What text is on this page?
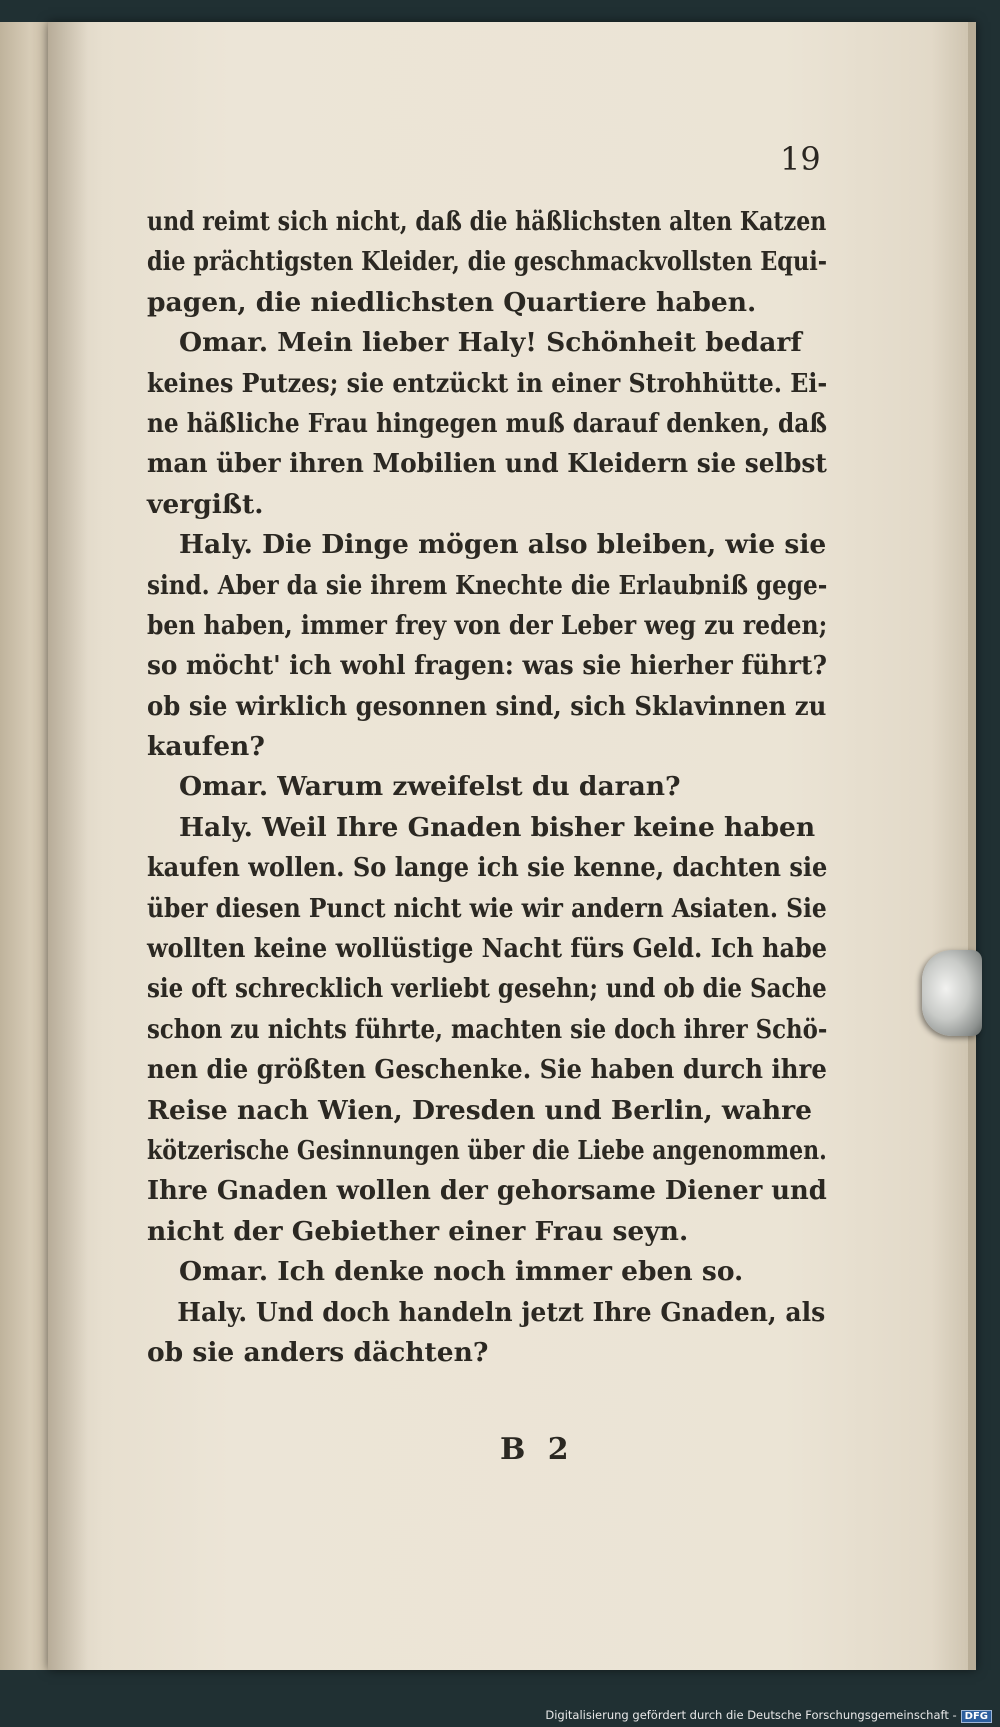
19
und reimt sich nicht, daß die häßlichsten alten Katzen
die prächtigsten Kleider, die geschmackvollsten Equi-
pagen, die niedlichsten Quartiere haben.
Omar. Mein lieber Haly! Schönheit bedarf
keines Putzes; sie entzückt in einer Strohhütte. Ei-
ne häßliche Frau hingegen muß darauf denken, daß
man über ihren Mobilien und Kleidern sie selbst
vergißt.
Haly. Die Dinge mögen also bleiben, wie sie
sind. Aber da sie ihrem Knechte die Erlaubniß gege-
ben haben, immer frey von der Leber weg zu reden;
so möcht' ich wohl fragen: was sie hierher führt?
ob sie wirklich gesonnen sind, sich Sklavinnen zu
kaufen?
Omar. Warum zweifelst du daran?
Haly. Weil Ihre Gnaden bisher keine haben
kaufen wollen. So lange ich sie kenne, dachten sie
über diesen Punct nicht wie wir andern Asiaten. Sie
wollten keine wollüstige Nacht fürs Geld. Ich habe
sie oft schrecklich verliebt gesehn; und ob die Sache
schon zu nichts führte, machten sie doch ihrer Schö-
nen die größten Geschenke. Sie haben durch ihre
Reise nach Wien, Dresden und Berlin, wahre
kötzerische Gesinnungen über die Liebe angenommen.
Ihre Gnaden wollen der gehorsame Diener und
nicht der Gebiether einer Frau seyn.
Omar. Ich denke noch immer eben so.
Haly. Und doch handeln jetzt Ihre Gnaden, als
ob sie anders dächten?
B 2
Digitalisierung gefördert durch die Deutsche Forschungsgemeinschaft - DFG
